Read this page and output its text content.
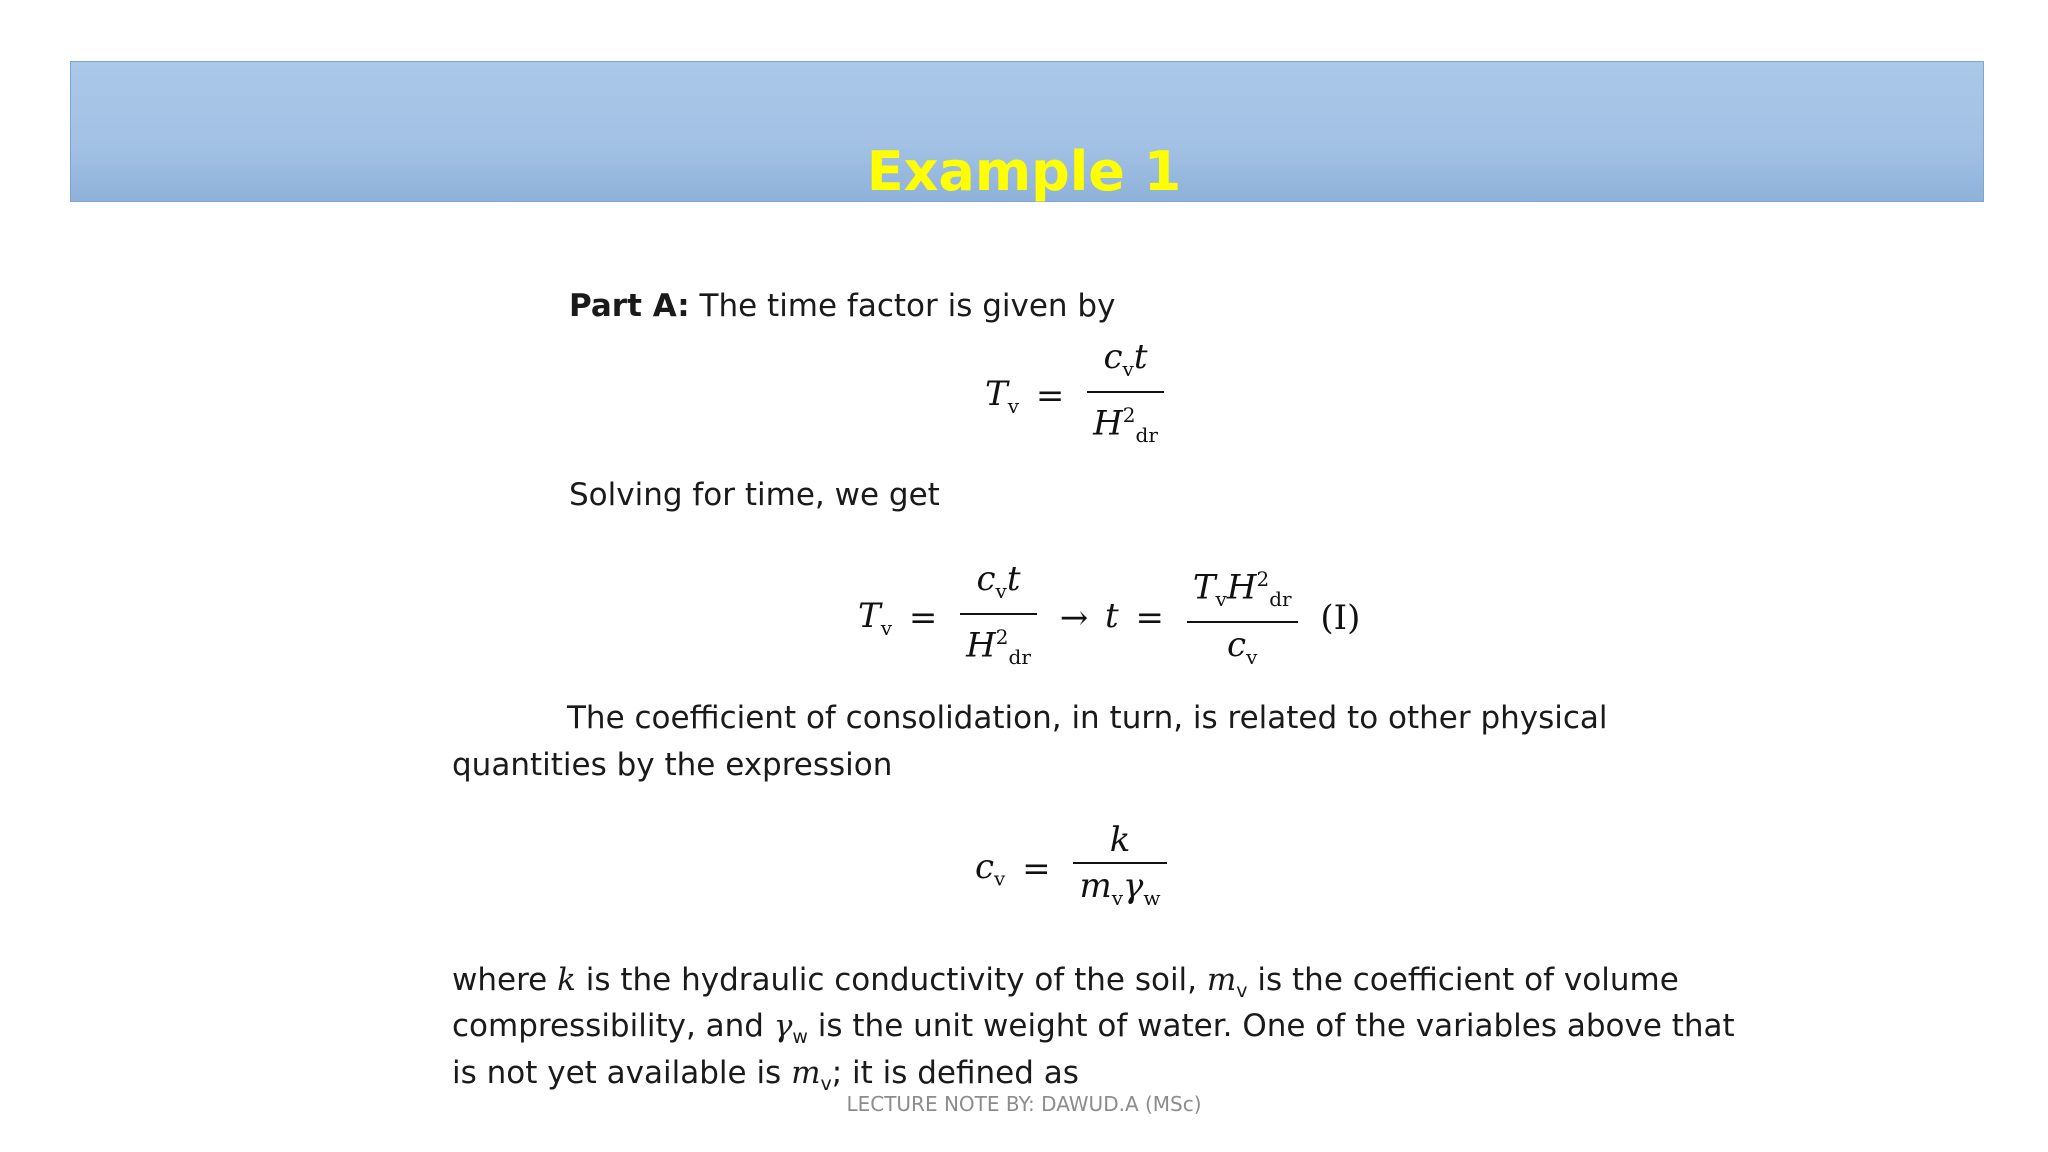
Example 1
Part A: The time factor is given by
$T_v = \frac{c_vt}{H^2_{dr}}$
Solving for time, we get
$T_v = \frac{c_vt}{H^2_{dr}} \to t = \frac{T_vH^2_{dr}}{c_v} (I)$
The coefficient of consolidation, in turn, is related to other physical
quantities by the expression
$c_v = \frac{k}{m_v\gamma_w}$
where k is the hydraulic conductivity of the soil, $m_v$ is the coefficient of volume
compressibility, and $\gamma_w$ is the unit weight of water. One of the variables above that
is not yet available is $m_v$; it is defined as
LECTURE NOTE BY: DAWUD.A (MSc)
